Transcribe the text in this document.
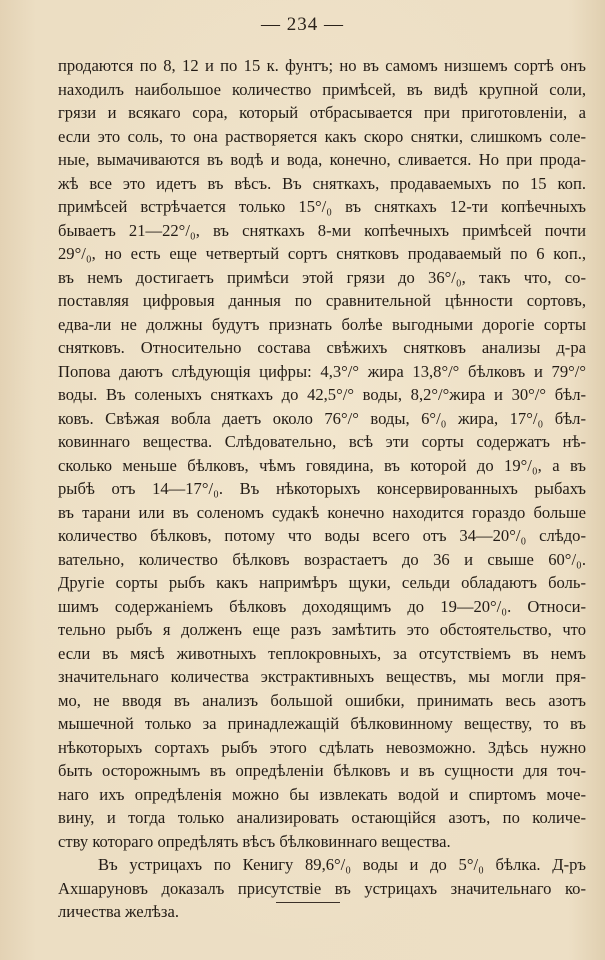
— 234 —
продаются по 8, 12 и по 15 к. фунтъ; но въ самомъ низшемъ сортѣ онъ
находилъ наибольшое количество примѣсей, въ видѣ крупной соли,
грязи и всякаго сора, который отбрасывается при приготовленіи, а
если это соль, то она растворяется какъ скоро снятки, слишкомъ соле-
ные, вымачиваются въ водѣ и вода, конечно, сливается. Но при прода-
жѣ все это идетъ въ вѣсъ. Въ сняткахъ, продаваемыхъ по 15 коп.
примѣсей встрѣчается только 15°/₀ въ сняткахъ 12-ти копѣечныхъ
бываетъ 21—22°/₀, въ сняткахъ 8-ми копѣечныхъ примѣсей почти
29°/₀, но есть еще четвертый сортъ снятковъ продаваемый по 6 коп.,
въ немъ достигаетъ примѣси этой грязи до 36°/₀, такъ что, со-
поставляя цифровыя данныя по сравнительной цѣнности сортовъ,
едва-ли не должны будутъ признать болѣе выгодными дорогіе сорты
снятковъ. Относительно состава свѣжихъ снятковъ анализы д-ра
Попова даютъ слѣдующія цифры: 4,3°/° жира 13,8°/° бѣлковъ и 79°/°
воды. Въ соленыхъ сняткахъ до 42,5°/° воды, 8,2°/°жира и 30°/° бѣл-
ковъ. Свѣжая вобла даетъ около 76°/° воды, 6°/₀ жира, 17°/₀ бѣл-
ковиннаго вещества. Слѣдовательно, всѣ эти сорты содержатъ нѣ-
сколько меньше бѣлковъ, чѣмъ говядина, въ которой до 19°/₀, а въ
рыбѣ отъ 14—17°/₀. Въ нѣкоторыхъ консервированныхъ рыбахъ
въ тарани или въ соленомъ судакѣ конечно находится гораздо больше
количество бѣлковъ, потому что воды всего отъ 34—20°/₀ слѣдо-
вательно, количество бѣлковъ возрастаетъ до 36 и свыше 60°/₀.
Другіе сорты рыбъ какъ напримѣръ щуки, сельди обладаютъ боль-
шимъ содержаніемъ бѣлковъ доходящимъ до 19—20°/₀. Относи-
тельно рыбъ я долженъ еще разъ замѣтить это обстоятельство, что
если въ мясѣ животныхъ теплокровныхъ, за отсутствіемъ въ немъ
значительнаго количества экстрактивныхъ веществъ, мы могли пря-
мо, не вводя въ анализъ большой ошибки, принимать весь азотъ
мышечной только за принадлежащій бѣлковинному веществу, то въ
нѣкоторыхъ сортахъ рыбъ этого сдѣлать невозможно. Здѣсь нужно
быть осторожнымъ въ опредѣленіи бѣлковъ и въ сущности для точ-
наго ихъ опредѣленія можно бы извлекать водой и спиртомъ моче-
вину, и тогда только анализировать остающійся азотъ, по количе-
ству котораго опредѣлять вѣсъ бѣлковиннаго вещества.
Въ устрицахъ по Кенигу 89,6°/₀ воды и до 5°/₀ бѣлка. Д-ръ
Ахшаруновъ доказалъ присутствіе въ устрицахъ значительнаго ко-
личества желѣза.
